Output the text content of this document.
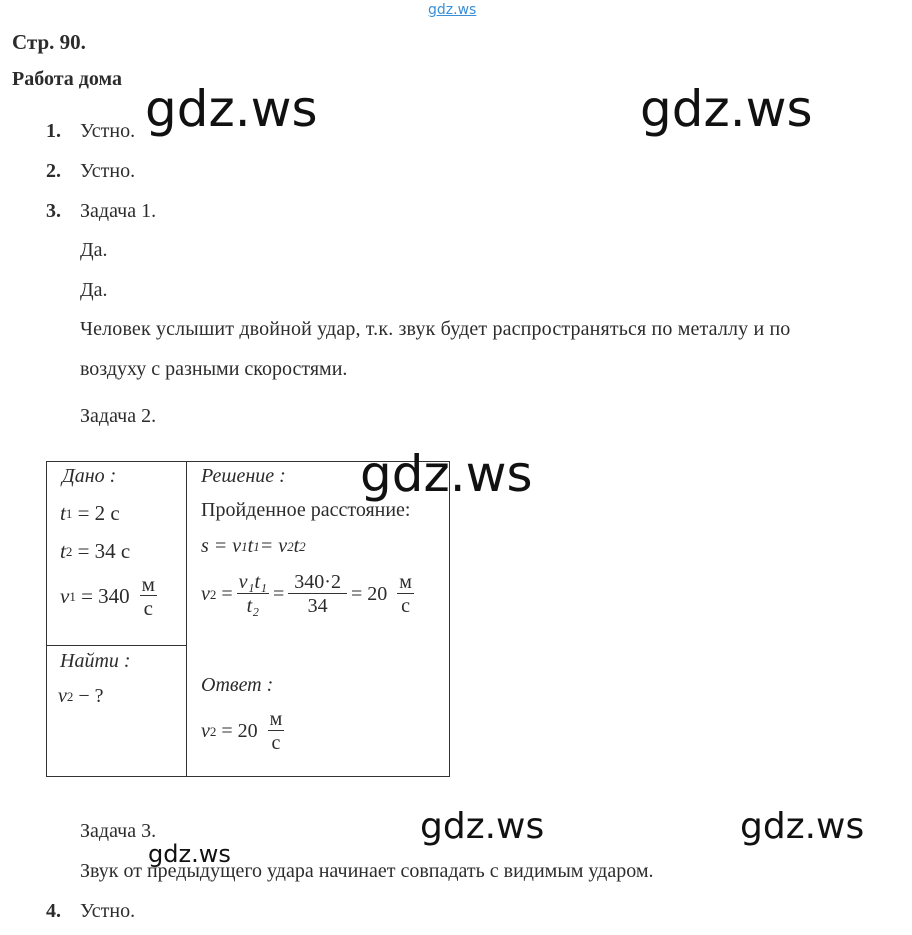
gdz.ws
Стр. 90.
Работа дома
1. Устно.
2. Устно.
3. Задача 1.
Да.
Да.
Человек услышит двойной удар, т.к. звук будет распространяться по металлу и по
воздуху с разными скоростями.
Задача 2.
Дано :
t 1
= 2 с
t 2
= 34 с
v 1
= $340 \frac{м}{с}$
Найти :
v 2
− ?
Решение :
Пройденное расстояние:
s = v 1 t 1 = v 2 t 2
v $2 = \frac{\text{v₁t₁}}{\text{t₂}} = \frac{340\cdot 2}{34} = 20 \frac{м}{с}$
Ответ :
v 2
= $20 \frac{м}{с}$
Задача 3.
Звук от предыдущего удара начинает совпадать с видимым ударом.
4. Устно.
gdz.ws	gdz.ws
gdz.ws
gdz.ws	gdz.ws
gdz.ws
